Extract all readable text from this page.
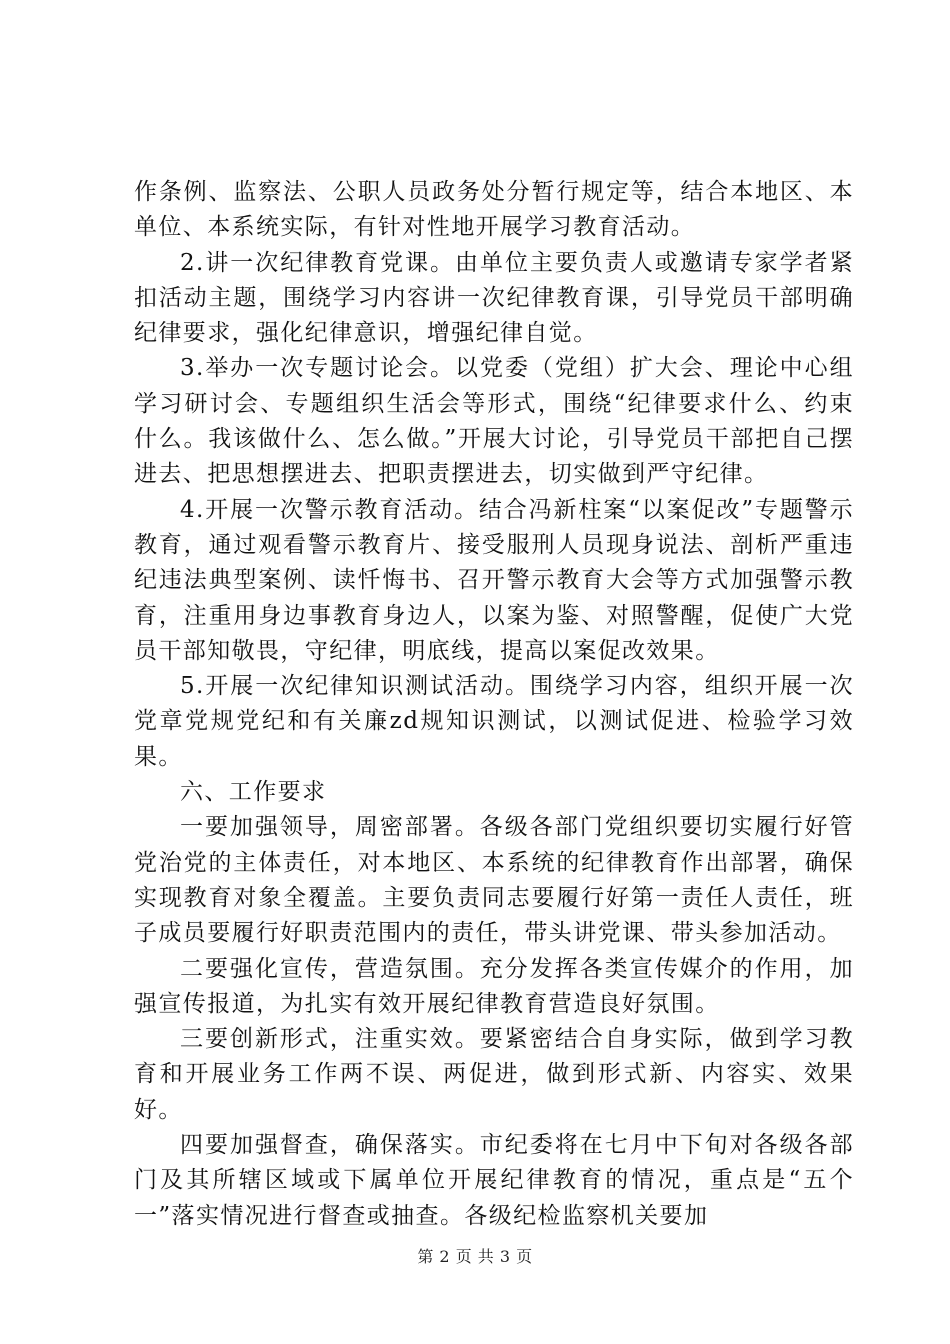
作条例、监察法、公职人员政务处分暂行规定等，结合本地区、本单位、本系统实际，有针对性地开展学习教育活动。

2.讲一次纪律教育党课。由单位主要负责人或邀请专家学者紧扣活动主题，围绕学习内容讲一次纪律教育课，引导党员干部明确纪律要求，强化纪律意识，增强纪律自觉。

3.举办一次专题讨论会。以党委（党组）扩大会、理论中心组学习研讨会、专题组织生活会等形式，围绕“纪律要求什么、约束什么。我该做什么、怎么做。”开展大讨论，引导党员干部把自己摆进去、把思想摆进去、把职责摆进去，切实做到严守纪律。

4.开展一次警示教育活动。结合冯新柱案“以案促改”专题警示教育，通过观看警示教育片、接受服刑人员现身说法、剖析严重违纪违法典型案例、读忏悔书、召开警示教育大会等方式加强警示教育，注重用身边事教育身边人，以案为鉴、对照警醒，促使广大党员干部知敬畏，守纪律，明底线，提高以案促改效果。

5.开展一次纪律知识测试活动。围绕学习内容，组织开展一次党章党规党纪和有关廉zd规知识测试，以测试促进、检验学习效果。

六、工作要求

一要加强领导，周密部署。各级各部门党组织要切实履行好管党治党的主体责任，对本地区、本系统的纪律教育作出部署，确保实现教育对象全覆盖。主要负责同志要履行好第一责任人责任，班子成员要履行好职责范围内的责任，带头讲党课、带头参加活动。

二要强化宣传，营造氛围。充分发挥各类宣传媒介的作用，加强宣传报道，为扎实有效开展纪律教育营造良好氛围。

三要创新形式，注重实效。要紧密结合自身实际，做到学习教育和开展业务工作两不误、两促进，做到形式新、内容实、效果好。

四要加强督查，确保落实。市纪委将在七月中下旬对各级各部门及其所辖区域或下属单位开展纪律教育的情况，重点是“五个一”落实情况进行督查或抽查。各级纪检监察机关要加

第 2 页 共 3 页
